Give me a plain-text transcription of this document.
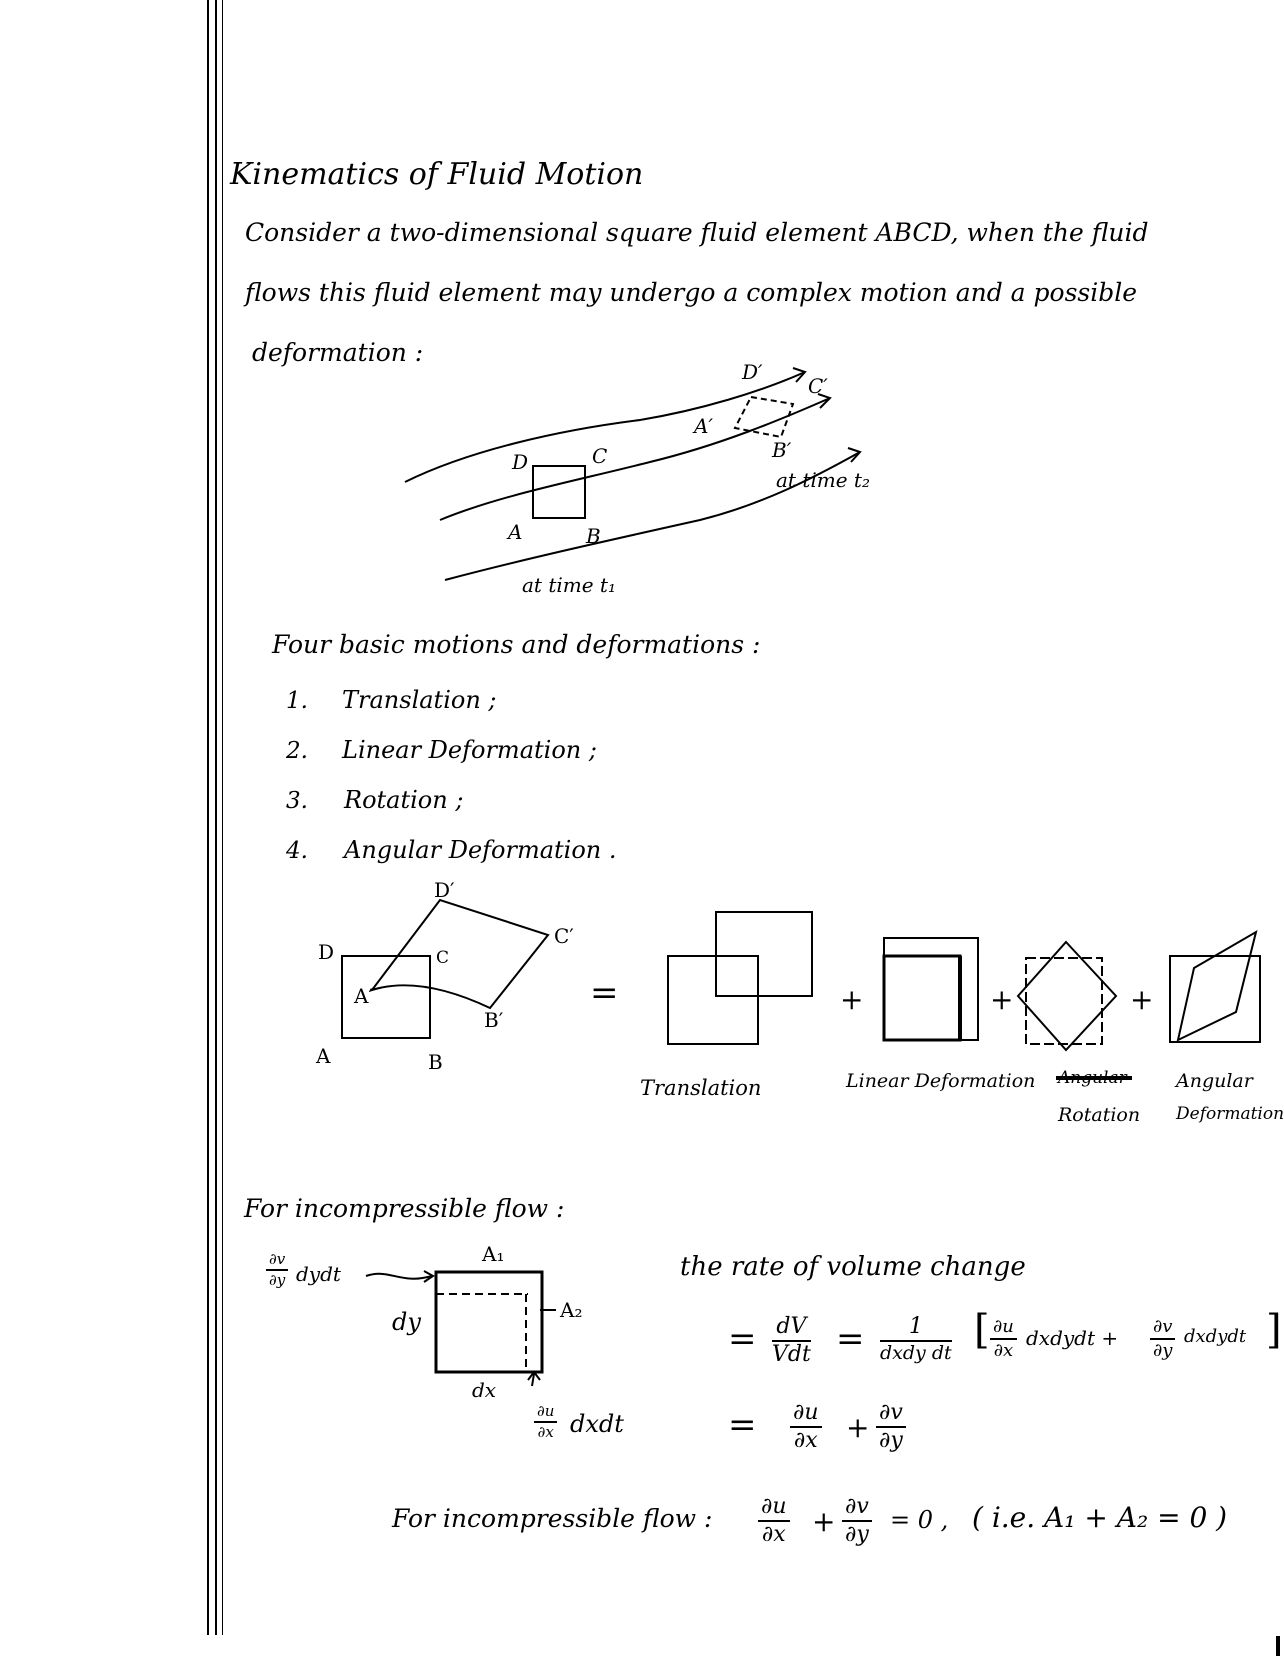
Kinematics of Fluid Motion
Consider a two-dimensional square fluid element ABCD, when the fluid
flows this fluid element may undergo a complex motion and a possible
deformation :
D	C
A	B
D′
C′
A′
B′
at time t₂
at time t₁
Four basic motions and deformations :
1. Translation ;
2. Linear Deformation ;
3. Rotation ;
4. Angular Deformation .
D	C
A	B
D′
C′
A′
B′
=	+	+	+
Translation	Linear Deformation Angular
Rotation
Angular
Deformation
For incompressible flow :
A₁
A₂
dy
dx
$\frac{\partial v}{\partial y}$ dydt
$\frac{\partial u}{\partial x}$ dxdt
the rate of volume change
= dV
Vdt =	1
dxdy dt [ $\frac{\partial u}{\partial x}$ dxdydt + $\frac{\partial v}{\partial y}$ dxdydt ]
= $\frac{\partial u}{\partial x} + \frac{\partial v}{\partial y}$
For incompressible flow : $\frac{\partial u}{\partial x} + \frac{\partial v}{\partial y} = 0$ , ( i.e. A₁ + A₂ = 0 )
